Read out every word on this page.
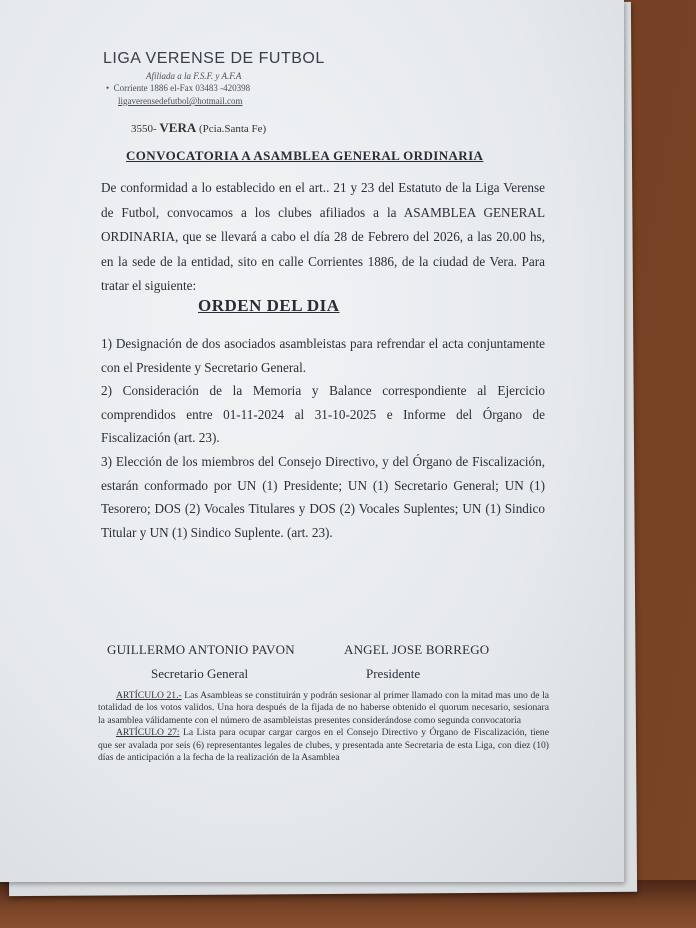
LIGA VERENSE DE FUTBOL
Afiliada a la F.S.F. y A.F.A
•  Corriente 1886 el-Fax 03483 -420398
ligaverensedefutbol@hotmail.com
3550- VERA (Pcia.Santa Fe)
CONVOCATORIA A ASAMBLEA GENERAL ORDINARIA
De conformidad a lo establecido en el art.. 21 y 23 del Estatuto de la Liga Verense de Futbol, convocamos a los clubes afiliados a la ASAMBLEA GENERAL ORDINARIA, que se llevará a cabo el día 28 de Febrero del 2026, a las 20.00 hs, en la sede de la entidad, sito en calle Corrientes 1886, de la ciudad de Vera. Para tratar el siguiente:
ORDEN DEL DIA
1) Designación de dos asociados asambleistas para refrendar el acta conjuntamente con el Presidente y Secretario General.
2) Consideración de la Memoria y Balance correspondiente al Ejercicio comprendidos entre 01-11-2024 al 31-10-2025 e Informe del Órgano de Fiscalización (art. 23).
3) Elección de los miembros del Consejo Directivo, y del Órgano de Fiscalización, estarán conformado por UN (1) Presidente; UN (1) Secretario General; UN (1) Tesorero; DOS (2) Vocales Titulares y DOS (2) Vocales Suplentes; UN (1) Sindico Titular y UN (1) Sindico Suplente. (art. 23).
GUILLERMO ANTONIO PAVON
Secretario General
ANGEL JOSE BORREGO
Presidente

ARTÍCULO 21.- Las Asambleas se constituirán y podrán sesionar al primer llamado con la mitad mas uno de la totalidad de los votos validos. Una hora después de la fijada de no haberse obtenido el quorum necesario, sesionara la asamblea válidamente con el número de asambleistas presentes considerándose como segunda convocatoria

ARTÍCULO 27: La Lista para ocupar cargar cargos en el Consejo Directivo y Órgano de Fiscalización, tiene que ser avalada por seis (6) representantes legales de clubes, y presentada ante Secretaria de esta Liga, con diez (10) días de anticipación a la fecha de la realización de la Asamblea
